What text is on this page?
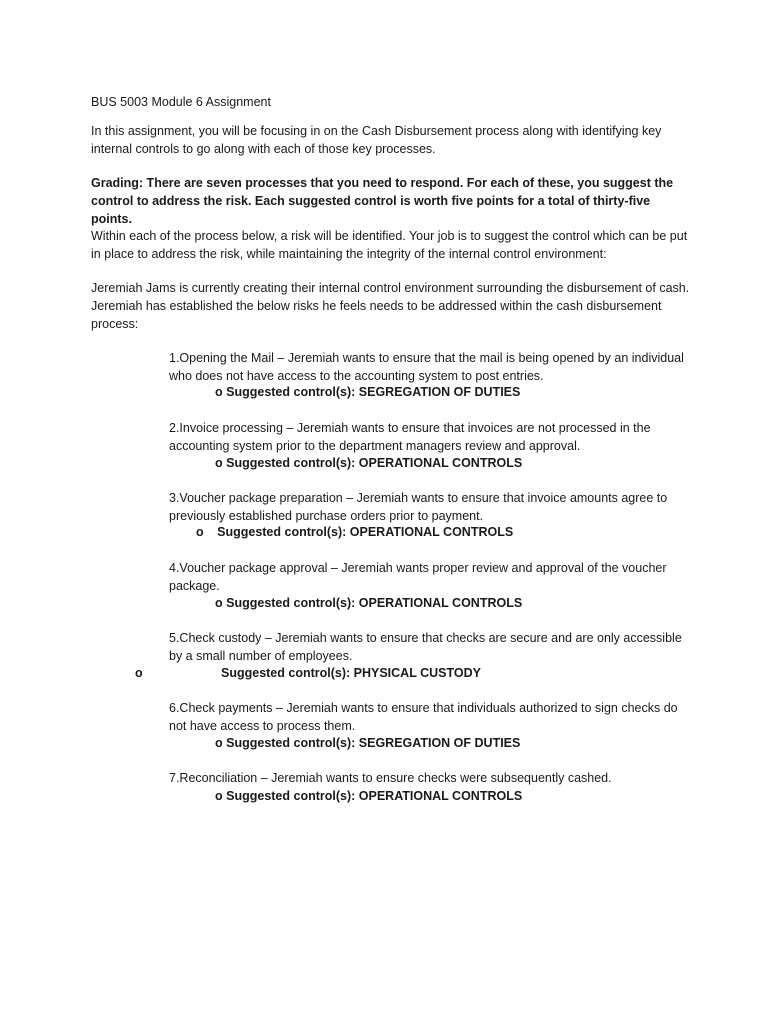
BUS 5003 Module 6 Assignment

In this assignment, you will be focusing in on the Cash Disbursement process along with identifying key internal controls to go along with each of those key processes.

Grading: There are seven processes that you need to respond. For each of these, you suggest the control to address the risk. Each suggested control is worth five points for a total of thirty-five points.

Within each of the process below, a risk will be identified. Your job is to suggest the control which can be put in place to address the risk, while maintaining the integrity of the internal control environment:

Jeremiah Jams is currently creating their internal control environment surrounding the disbursement of cash. Jeremiah has established the below risks he feels needs to be addressed within the cash disbursement process:

1.Opening the Mail – Jeremiah wants to ensure that the mail is being opened by an individual who does not have access to the accounting system to post entries.

o Suggested control(s): SEGREGATION OF DUTIES

2.Invoice processing – Jeremiah wants to ensure that invoices are not processed in the accounting system prior to the department managers review and approval.

o Suggested control(s): OPERATIONAL CONTROLS

3.Voucher package preparation – Jeremiah wants to ensure that invoice amounts agree to previously established purchase orders prior to payment.

o Suggested control(s): OPERATIONAL CONTROLS

4.Voucher package approval – Jeremiah wants proper review and approval of the voucher package.

o Suggested control(s): OPERATIONAL CONTROLS

5.Check custody – Jeremiah wants to ensure that checks are secure and are only accessible by a small number of employees.

o	Suggested control(s): PHYSICAL CUSTODY

6.Check payments – Jeremiah wants to ensure that individuals authorized to sign checks do not have access to process them.

o Suggested control(s): SEGREGATION OF DUTIES

7.Reconciliation – Jeremiah wants to ensure checks were subsequently cashed.

o Suggested control(s): OPERATIONAL CONTROLS
